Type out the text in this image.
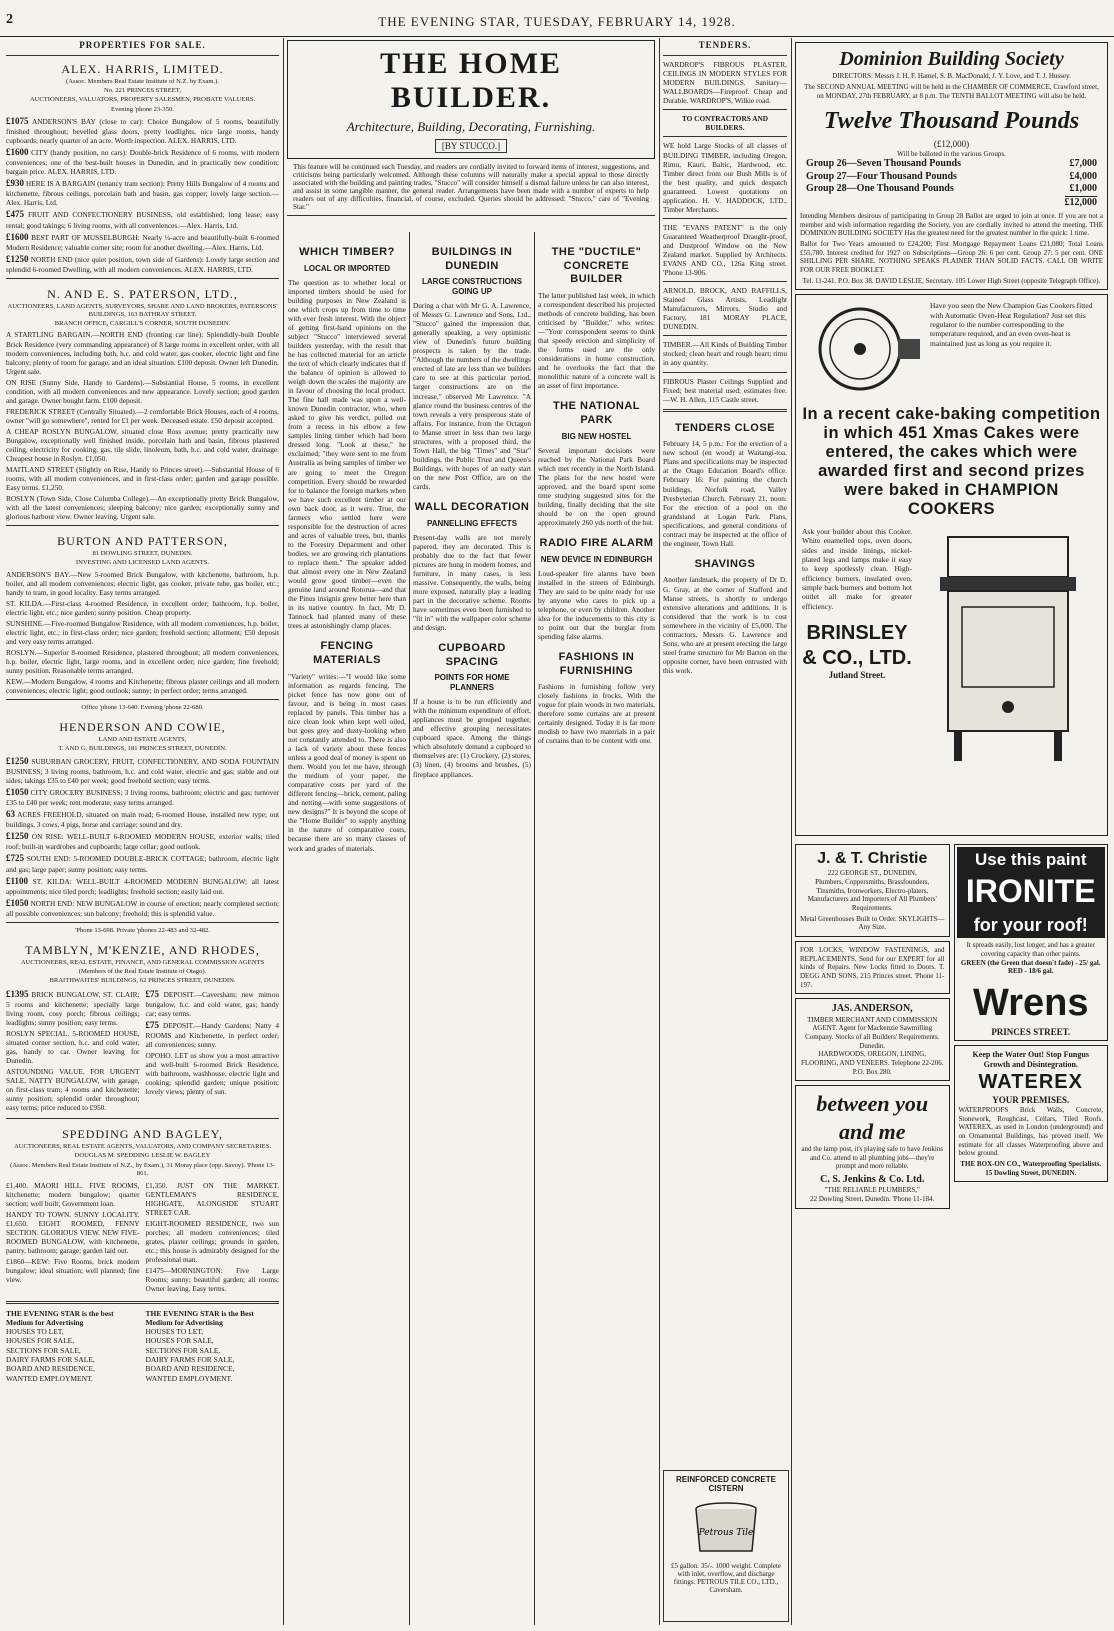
2	THE EVENING STAR, TUESDAY, FEBRUARY 14, 1928.
PROPERTIES FOR SALE.
ALEX. HARRIS, LIMITED.
(Assoc. Members Real Estate Institute of N.Z. by Exam.).
No. 221 PRINCES STREET,
AUCTIONEERS, VALUATORS, PROPERTY SALESMEN, PROBATE VALUERS.
Evening 'phone 23-350.

£1075 ANDERSON'S BAY (close to car): Choice Bungalow of 5 rooms, beautifully finished throughout; bevelled glass doors, pretty leadlights, nice large rooms, handy cupboards; nearly quarter of an acre. Worth inspection. ALEX. HARRIS, LTD.

£1600 CITY (handy position, no cars): Double-brick Residence of 6 rooms, with modern conveniences; one of the best-built houses in Dunedin, and in practically new condition; bargain price. ALEX. HARRIS, LTD.

£930 HERE IS A BARGAIN (tenancy tram section): Pretty Hills Bungalow of 4 rooms and kitchenette, fibrous ceilings, porcelain bath and basin, gas copper; lovely large section.—Alex. Harris, Ltd.

£475 FRUIT AND CONFECTIONERY BUSINESS, old established; long lease; easy rental; good takings; 6 living rooms, with all conveniences.—Alex. Harris, Ltd.

£1600 BEST PART OF MUSSELBURGH: Nearly ¼-acre and beautifully-built 6-roomed Modern Residence; valuable corner site; room for another dwelling.—Alex. Harris, Ltd.

£1250 NORTH END (nice quiet position, town side of Gardens): Lovely large section and splendid 6-roomed Dwelling, with all modern conveniences. ALEX. HARRIS, LTD.

N. AND E. S. PATERSON, LTD.,
AUCTIONEERS, LAND AGENTS, SURVEYORS, SHARE AND LAND BROKERS, PATERSONS' BUILDINGS, 163 BATHRAY STREET.
BRANCH OFFICE, CARGILL'S CORNER, SOUTH DUNEDIN.

A STARTLING BARGAIN.—NORTH END (fronting car line): Splendidly-built Double Brick Residence (very commanding appearance) of 8 large rooms in excellent order, with all modern conveniences, including bath, h.c. and cold water, gas cooker, electric light and fine balcony; plenty of room for garage, and an ideal situation. £100 deposit. Owner left Dunedin. Urgent sale.

ON RISE (Sunny Side, Handy to Gardens).—Substantial House, 5 rooms, in excellent condition, with all modern conveniences and new appearance. Lovely section; good garden and garage. Owner bought farm. £100 deposit.

FREDERICK STREET (Centrally Situated).—2 comfortable Brick Houses, each of 4 rooms, owner "will go somewhere", rented for £1 per week. Deceased estate. £50 deposit accepted.

A CHEAP ROSLYN BUNGALOW, situated close Ross avenue; pretty practically new Bungalow, exceptionally well finished inside, porcelain bath and basin, fibrous plastered ceiling, electricity for cooking, gas, tile slide, linoleum, bath, h.c. and cold water, drainage. Cheapest house in Roslyn. £1,050.

MAITLAND STREET (Slightly on Rise, Handy to Princes street).—Substantial House of 6 rooms, with all modern conveniences, and in first-class order; garden and garage possible. Easy terms. £1,250.

ROSLYN (Town Side, Close Columba College).—An exceptionally pretty Brick Bungalow, with all the latest conveniences; sleeping balcony; nice garden; exceptionally sunny and glorious harbour view. Owner leaving. Urgent sale.

BURTON AND PATTERSON,
81 DOWLING STREET, DUNEDIN.
INVESTING AND LICENSED LAND AGENTS.

ANDERSON'S BAY.—New 5-roomed Brick Bungalow, with kitchenette, bathroom, h.p. boiler, and all modern conveniences; electric light, gas cooker, private tube, gas boiler, etc.; handy to tram, in good locality. Easy terms arranged.

ST. KILDA.—First-class 4-roomed Residence, in excellent order; bathroom, h.p. boiler, electric light, etc.; nice garden; sunny position. Cheap property.

SUNSHINE.—Five-roomed Bungalow Residence, with all modern conveniences, h.p. boiler, electric light, etc.; in first-class order; nice garden; freehold section; allotment; £50 deposit and very easy terms arranged.

ROSLYN.—Superior 8-roomed Residence, plastered throughout; all modern conveniences, h.p. boiler, electric light, large rooms, and in excellent order; nice garden; fine freehold; sunny position. Reasonable terms arranged.

KEW.—Modern Bungalow, 4 rooms and Kitchenette; fibrous plaster ceilings and all modern conveniences; electric light; good outlook; sunny; in perfect order; terms arranged.

Office 'phone 13-640. Evening 'phone 22-680.
HENDERSON AND COWIE,
LAND AND ESTATE AGENTS,
T. AND G. BUILDINGS, 181 PRINCES STREET, DUNEDIN.

£1250 SUBURBAN GROCERY, FRUIT, CONFECTIONERY, AND SODA FOUNTAIN BUSINESS; 3 living rooms, bathroom, h.c. and cold water, electric and gas; stable and out sides; takings £35 to £40 per week; good freehold section; easy terms.

£1050 CITY GROCERY BUSINESS; 3 living rooms, bathroom; electric and gas; turnover £35 to £40 per week; rent moderate; easy terms arranged.

63 ACRES FREEHOLD, situated on main road; 6-roomed House, installed new type; out buildings, 3 cows, 4 pigs, horse and carriage; sound and dry.

£1250 ON RISE: WELL-BUILT 6-ROOMED MODERN HOUSE, exterior walls; tiled roof; built-in wardrobes and cupboards; large cellar; good outlook.

£725 SOUTH END: 5-ROOMED DOUBLE-BRICK COTTAGE; bathroom, electric light and gas; large paper; sunny position; easy terms.

£1100 ST. KILDA: WELL-BUILT 4-ROOMED MODERN BUNGALOW; all latest appointments; nice tiled porch; leadlights; freehold section; easily laid out.

£1050 NORTH END: NEW BUNGALOW in course of erection; nearly completed section; all possible conveniences; sun balcony; freehold; this is splendid value.

'Phone 13-698. Private 'phones 22-483 and 32-482.
TAMBLYN, M'KENZIE, AND RHODES,
AUCTIONEERS, REAL ESTATE, FINANCE, AND GENERAL COMMISSION AGENTS
(Members of the Real Estate Institute of Otago).
BRAITHWAITES' BUILDINGS, 62 PRINCES STREET, DUNEDIN.

£1395 BRICK BUNGALOW, ST. CLAIR; 5 rooms and kitchenette; specially large living room, cosy porch; fibrous ceilings; leadlights; sunny position; easy terms.

ROSLYN SPECIAL. 5-ROOMED HOUSE, situated corner section, h.c. and cold water, gas, handy to car. Owner leaving for Dunedin.

ASTOUNDING VALUE. FOR URGENT SALE, NATTY BUNGALOW, with garage, on first-class tram; 4 rooms and kitchenette; sunny position; splendid order throughout; easy terms; price reduced to £950.

£75 DEPOSIT.—Caversham; new mimou bungalow, h.c. and cold water, gas; handy car; easy terms.

£75 DEPOSIT.—Handy Gardens; Natty 4 ROOMS and Kitchenette, in perfect order; all conveniences; sunny.

OPOHO. LET us show you a most attractive and well-built 6-roomed Brick Residence, with bathroom, washhouse, electric light and cooking; splendid garden; unique position; lovely views; plenty of sun.

SPEDDING AND BAGLEY,
AUCTIONEERS, REAL ESTATE AGENTS, VALUATORS, AND COMPANY SECRETARIES.
DOUGLAS M. SPEDDING LESLIE W. BAGLEY
(Assoc. Members Real Estate Institute of N.Z., by Exam.), 31 Moray place (opp. Savoy). 'Phone 13-861.

£1,400. MAORI HILL. FIVE ROOMS, kitchenette; modern bungalow; quarter section; well built; Government loan.

HANDY TO TOWN. SUNNY LOCALITY. £1,650. EIGHT ROOMED, FENNY SECTION. GLORIOUS VIEW. NEW FIVE-ROOMED BUNGALOW, with kitchenette, pantry, bathroom; garage; garden laid out.

£1860—KEW: Five Rooms, brick modern bungalow; ideal situation; well planned; fine view.

£1,350. JUST ON THE MARKET. GENTLEMAN'S RESIDENCE, HIGHGATE, ALONGSIDE STUART STREET CAR.

EIGHT-ROOMED RESIDENCE, two sun porches; all modern conveniences; tiled grates, plaster ceilings; grounds in garden, etc.; this house is admirably designed for the professional man.

£1475—MORNINGTON: Five Large Rooms; sunny; beautiful garden; all rooms; Owner leaving. Easy terms.

THE EVENING STAR is the best Medium for Advertising
HOUSES TO LET,
HOUSES FOR SALE,
SECTIONS FOR SALE,
DAIRY FARMS FOR SALE,
BOARD AND RESIDENCE,
WANTED EMPLOYMENT.
THE EVENING STAR is the Best Medium for Advertising
HOUSES TO LET,
HOUSES FOR SALE,
SECTIONS FOR SALE,
DAIRY FARMS FOR SALE,
BOARD AND RESIDENCE,
WANTED EMPLOYMENT.
THE HOME BUILDER.
Architecture, Building, Decorating, Furnishing.
[BY STUCCO.]
This feature will be continued each Tuesday, and readers are cordially invited to forward items of interest, suggestions, and criticisms being particularly welcomed. Although these columns will naturally make a special appeal to those directly associated with the building and painting trades, "Stucco" will consider himself a dismal failure unless he can also interest, and assist in some tangible manner, the general reader. Arrangements have been made with a number of experts to help readers out of any difficulties, financial, of course, excluded. Queries should be addressed: "Stucco," care of "Evening Star."
WHICH TIMBER?
LOCAL OR IMPORTED
The question as to whether local or imported timbers should be used for building purposes in New Zealand is one which crops up from time to time with ever fresh interest. With the object of getting first-hand opinions on the subject "Stucco" interviewed several builders yesterday, with the result that he has collected material for an article the text of which clearly indicates that if the balance of opinion is allowed to weigh down the scales the majority are in favour of choosing the local product. The fine hall made was upon a well-known Dunedin contractor, who, when asked to give his verdict, pulled out from a recess in his elbow a few samples lining timber which had been dressed long. "Look at these," he exclaimed; "they were sent to me from Australia as being samples of timber we are going to meet the Oregon competition. Every should be rewarded for to balance the foreign markets when we have such excellent timber at our own back door, as it were. True, the farmers who settled here were responsible for the destruction of acres and acres of valuable trees, but, thanks to the Forestry Department and other bodies, we are growing rich plantations to replace them." The speaker added that almost every one in New Zealand would grow good timber—even the genuine land around Rotorua—and that the Pinus insignis grew better here than in its native country. In fact, Mr D. Tannock had planted many of these trees at astonishingly clamp places.
FENCING MATERIALS
"Variety" writes:—"I would like some information as regards fencing. The picket fence has now gone out of favour, and is being in most cases replaced by panels. This timber has a nice clean look when kept well oiled, but goes grey and dusty-looking when not constantly attended to. There is also a lack of variety about these fences unless a good deal of money is spent on them. Would you let me have, through the medium of your paper, the comparative costs per yard of the different fencing—brick, cement, paling and netting—with some suggestions of new designs?" It is beyond the scope of the "Home Builder" to supply anything in the nature of comparative costs, because there are so many classes of work and grades of materials.
BUILDINGS IN DUNEDIN
LARGE CONSTRUCTIONS GOING UP
During a chat with Mr G. A. Lawrence, of Messrs G. Lawrence and Sons, Ltd., "Stucco" gained the impression that, generally speaking, a very optimistic view of Dunedin's future building prospects is taken by the trade. "Although the numbers of the dwellings erected of late are less than we builders care to see at this particular period, larger constructions are on the increase," observed Mr Lawrence. "A glance round the business centres of the town reveals a very prosperous state of affairs. For instance, from the Octagon to Manse street in less than two large structures, with a proposed third, the Town Hall, the big "Times" and "Star" buildings, the Public Trust and Queen's Buildings, with hopes of an early start on the new Post Office, are on the cards.
WALL DECORATION
PANNELLING EFFECTS
Present-day walls are not merely papered, they are decorated. This is probably due to the fact that fewer pictures are hung in modern homes, and furniture, in many cases, is less massive. Consequently, the walls, being more exposed, naturally play a leading part in the decorative scheme. Rooms have sometimes even been furnished to "fit in" with the wallpaper color scheme and design.
CUPBOARD SPACING
POINTS FOR HOME PLANNERS
If a house is to be run efficiently and with the minimum expenditure of effort, appliances must be grouped together, and effective grouping necessitates cupboard space. Among the things which absolutely demand a cupboard to themselves are: (1) Crockery, (2) stores, (3) linen, (4) brooms and brushes, (5) fireplace appliances.
THE "DUCTILE" CONCRETE BUILDER
The latter published last week, in which a correspondent described his projected methods of concrete building, has been criticised by "Builder," who writes:—"Your correspondent seems to think that speedy erection and simplicity of the forms used are the only considerations in home construction, and he overlooks the fact that the monolithic nature of a concrete wall is an asset of first importance.
THE NATIONAL PARK
BIG NEW HOSTEL
Several important decisions were reached by the National Park Board which met recently in the North Island. The plans for the new hostel were approved, and the board spent some time studying suggested sites for the building, finally deciding that the site should be on the open ground approximately 260 yds north of the hut.
RADIO FIRE ALARM
NEW DEVICE IN EDINBURGH
Loud-speaker fire alarms have been installed in the streets of Edinburgh. They are said to be quite ready for use by anyone who cares to pick up a telephone, or even by children. Another idea for the inducements to this city is to point out that the burglar from spending false alarms.
FASHIONS IN FURNISHING
Fashions in furnishing follow very closely fashions in frocks. With the vogue for plain woods in two materials, therefore some curtains are at present certainly designed. Today it is far more modish to have two materials in a pair of curtains than to be content with one.
TENDERS.

WARDROP'S FIBROUS PLASTER, CEILINGS IN MODERN STYLES FOR MODERN BUILDINGS. Sanitary—WALLBOARDS—Fireproof. Cheap and Durable. WARDROP'S, Wilkie road.

TO CONTRACTORS AND BUILDERS.

WE hold Large Stocks of all classes of BUILDING TIMBER, including Oregon, Rimu, Kauri, Baltic, Hardwood, etc. Timber direct from our Bush Mills is of the best quality, and quick despatch guaranteed. Lowest quotations on application. H. V. HADDOCK, LTD., Timber Merchants.

THE "EVANS PATENT" is the only Guaranteed Weatherproof Draught-proof, and Dustproof Window on the New Zealand market. Supplied by Architects. EVANS AND CO., 126a King street. 'Phone 13-906.

ARNOLD, BROCK, AND RAFFILLS, Stained Glass Artists, Leadlight Manufacturers, Mirrors. Studio and Factory, 181 MORAY PLACE, DUNEDIN.

TIMBER.—All Kinds of Building Timber stocked; clean heart and rough heart; rimu in any quantity.

FIBROUS Plaster Ceilings Supplied and Fixed; best material used; estimates free.—W. H. Allen, 115 Castle street.

TENDERS CLOSE
February 14, 5 p.m.: For the erection of a new school (en wood) at Waitangi-toa. Plans and specifications may be inspected at the Otago Education Board's office. February 16: For painting the church buildings, Norfolk road, Valley Presbyterian Church. February 21, noon: For the erection of a pool on the grandstand at Logan Park. Plans, specifications, and general conditions of contract may be inspected at the office of the engineer, Town Hall.
SHAVINGS
Another landmark, the property of Dr D. G. Gray, at the corner of Stafford and Manse streets, is shortly to undergo extensive alterations and additions. It is considered that the work is to cost somewhere in the vicinity of £5,000. The contractors, Messrs G. Lawrence and Sons, who are at present erecting the large steel frame structure for Mr Barton on the opposite corner, have been entrusted with this work.
REINFORCED CONCRETE CISTERN
Petrous Tile
£5 gallon. 35/-. 1000 weight. Complete with inlet, overflow, and discharge fittings. PETROUS TILE CO., LTD., Caversham.
Dominion Building Society
DIRECTORS: Messrs J. H. F. Hamel, S. B. MacDonald, J. Y. Love, and T. J. Hussey.
The SECOND ANNUAL MEETING will be held in the CHAMBER OF COMMERCE, Crawford street, on MONDAY, 27th FEBRUARY, at 8 p.m. The TENTH BALLOT MEETING will also be held.
Twelve Thousand Pounds
(£12,000)
Will be balloted in the various Groups.
Group 26—Seven Thousand Pounds	£7,000
Group 27—Four Thousand Pounds	£4,000
Group 28—One Thousand Pounds	£1,000
£12,000
Intending Members desirous of participating in Group 28 Ballot are urged to join at once. If you are not a member and wish information regarding the Society, you are cordially invited to attend the meeting. THE DOMINION BUILDING SOCIETY Has the greatest need for the greatest number in the quick: 1 time.
Ballot for Two Years amounted to £24,200; First Mortgage Repayment Loans £21,080; Total Loans £55,780. Interest credited for 1927 on Subscriptions—Group 26: 6 per cent. Group 27: 5 per cent. ONE SHILLING PER SHARE. NOTHING SPEAKS PLAINER THAN SOLID FACTS. CALL OR WRITE FOR OUR FREE BOOKLET.
Tel. 11-241. P.O. Box 38. DAVID LESLIE, Secretary. 105 Lower High Street (opposite Telegraph Office).
Have you seen the New Champion Gas Cookers fitted with Automatic Oven-Heat Regulation? Just set this regulator to the number corresponding to the temperature required, and an even oven-heat is maintained just as long as you require it.
In a recent cake-baking competition in which 451 Xmas Cakes were entered, the cakes which were awarded first and second prizes were baked in CHAMPION COOKERS
Ask your builder about this Cooker. White enamelled tops, oven doors, sides and inside linings, nickel-plated legs and lamps make it easy to keep spotlessly clean. High-efficiency burners, insulated oven, simple back burners and bottom hot outlet all make for greater efficiency.
BRINSLEY & CO., LTD.
Jutland Street.
J. & T. Christie
222 GEORGE ST., DUNEDIN,
Plumbers, Coppersmiths, Brassfounders, Tinsmiths, Ironworkers, Electro-platers, Manufacturers and Importers of All Plumbers' Requirements.
Metal Greenhouses Built to Order. SKYLIGHTS—Any Size.
FOR LOCKS, WINDOW FASTENINGS, and REPLACEMENTS. Send for our EXPERT for all kinds of Repairs. New Locks fitted to Doors. T. DEGG AND SONS, 215 Princes street. 'Phone 11-197.
JAS. ANDERSON,
TIMBER MERCHANT AND COMMISSION AGENT. Agent for Mackenzie Sawmilling Company. Stocks of all Builders' Requirements. Dunedin.
HARDWOODS, OREGON, LINING, FLOORING, AND VENEERS. Telephone 22-206. P.O. Box 280.
between you and me
and the lamp post, it's playing safe to have Jenkins and Co. attend to all plumbing jobs—they're prompt and more reliable.
C. S. Jenkins & Co. Ltd.
"THE RELIABLE PLUMBERS,"
22 Dowling Street, Dunedin. 'Phone 11-184.
Use this paint
IRONITE
for your roof!
It spreads easily, lost longer, and has a greater covering capacity than other paints.
GREEN (the Green that doesn't fade) - 25/ gal.
RED - 18/6 gal.
Wrens
PRINCES STREET.
Keep the Water Out! Stop Fungus Growth and Disintegration.
WATEREX
YOUR PREMISES.
WATERPROOFS Brick Walls, Concrete, Stonework, Roughcast, Cellars, Tiled Roofs. WATEREX, as used in London (underground) and on Ornamental Buildings, has proved itself. We estimate for all classes Waterproofing above and below ground.
THE BOX-ON CO., Waterproofing Specialists. 15 Dowling Street, DUNEDIN.
